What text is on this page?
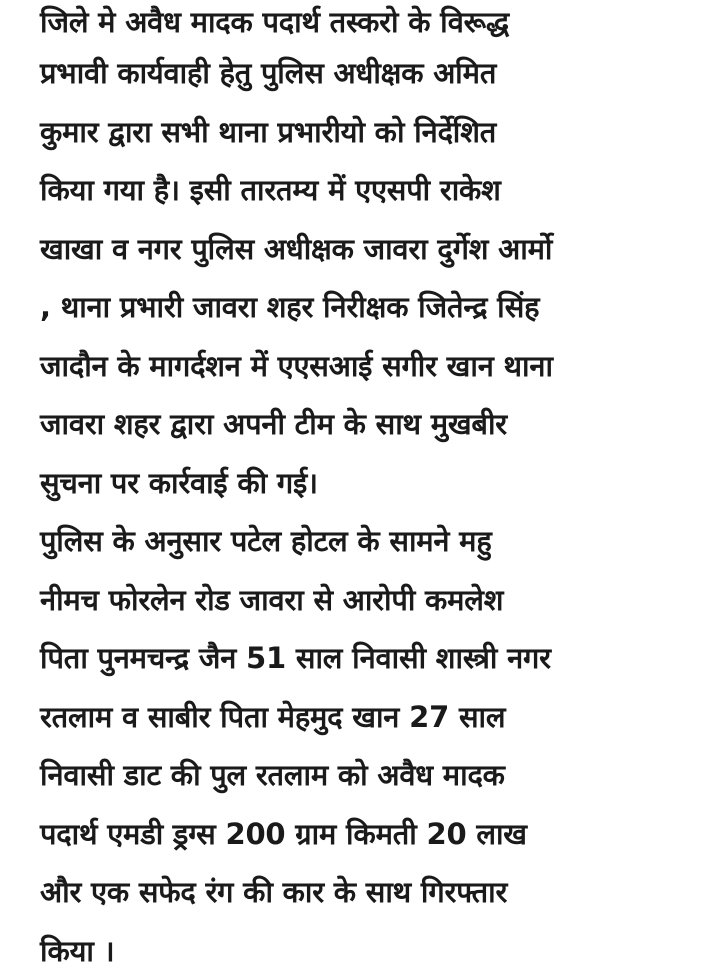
जिले मे अवैध मादक पदार्थ तस्करो के विरूद्ध
प्रभावी कार्यवाही हेतु पुलिस अधीक्षक अमित
कुमार द्वारा सभी थाना प्रभारीयो को निर्देशित
किया गया है। इसी तारतम्य में एएसपी राकेश
खाखा व नगर पुलिस अधीक्षक जावरा दुर्गेश आर्मो
, थाना प्रभारी जावरा शहर निरीक्षक जितेन्द्र सिंह
जादौन के मागर्दशन में एएसआई सगीर खान थाना
जावरा शहर द्वारा अपनी टीम के साथ मुखबीर
सुचना पर कार्रवाई की गई।
पुलिस के अनुसार पटेल होटल के सामने महु
नीमच फोरलेन रोड जावरा से आरोपी कमलेश
पिता पुनमचन्द्र जैन 51 साल निवासी शास्त्री नगर
रतलाम व साबीर पिता मेहमुद खान 27 साल
निवासी डाट की पुल रतलाम को अवैध मादक
पदार्थ एमडी ड्रग्स 200 ग्राम किमती 20 लाख
और एक सफेद रंग की कार के साथ गिरफ्तार
किया ।
